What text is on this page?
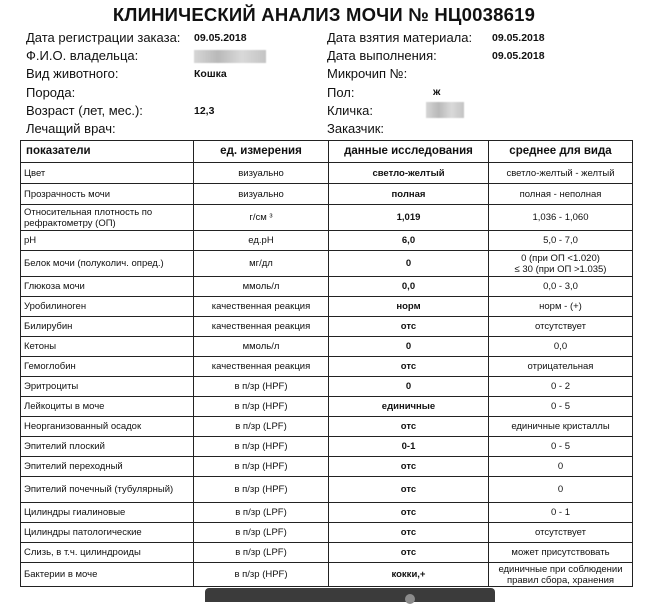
КЛИНИЧЕСКИЙ АНАЛИЗ МОЧИ № НЦ0038619
Дата регистрации заказа: 09.05.2018
Ф.И.О. владельца:
Вид животного:	Кошка
Порода:
Возраст (лет, мес.):	12,3
Лечащий врач:
Дата взятия материала: 09.05.2018
Дата выполнения:	09.05.2018
Микрочип №:
Пол:	ж
Кличка:
Заказчик:
показатели	ед. измерения	данные исследования	среднее для вида
Цвет	визуально	светло-желтый	светло-желтый - желтый
Прозрачность мочи	визуально	полная	полная - неполная
Относительная плотность по рефрактометру (ОП)	г/см ³	1,019	1,036 - 1,060
pH	ед.pH	6,0	5,0 - 7,0
Белок мочи (полуколич. опред.)	мг/дл	0	0 (при ОП <1.020)
≤ 30 (при ОП >1.035)
Глюкоза мочи	ммоль/л	0,0	0,0 - 3,0
Уробилиноген	качественная реакция	норм	норм - (+)
Билирубин	качественная реакция	отс	отсутствует
Кетоны	ммоль/л	0	0,0
Гемоглобин	качественная реакция	отс	отрицательная
Эритроциты	в п/зр (HPF)	0	0 - 2
Лейкоциты в моче	в п/зр (HPF)	единичные	0 - 5
Неорганизованный осадок	в п/зр (LPF)	отс	единичные кристаллы
Эпителий плоский	в п/зр (HPF)	0-1	0 - 5
Эпителий переходный	в п/зр (HPF)	отс	0
Эпителий почечный (тубулярный)	в п/зр (HPF)	отс	0
Цилиндры гиалиновые	в п/зр (LPF)	отс	0 - 1
Цилиндры патологические	в п/зр (LPF)	отс	отсутствует
Слизь, в т.ч. цилиндроиды	в п/зр (LPF)	отс	может присутствовать
Бактерии в моче	в п/зр (HPF)	кокки,+	единичные при соблюдении
правил сбора, хранения
